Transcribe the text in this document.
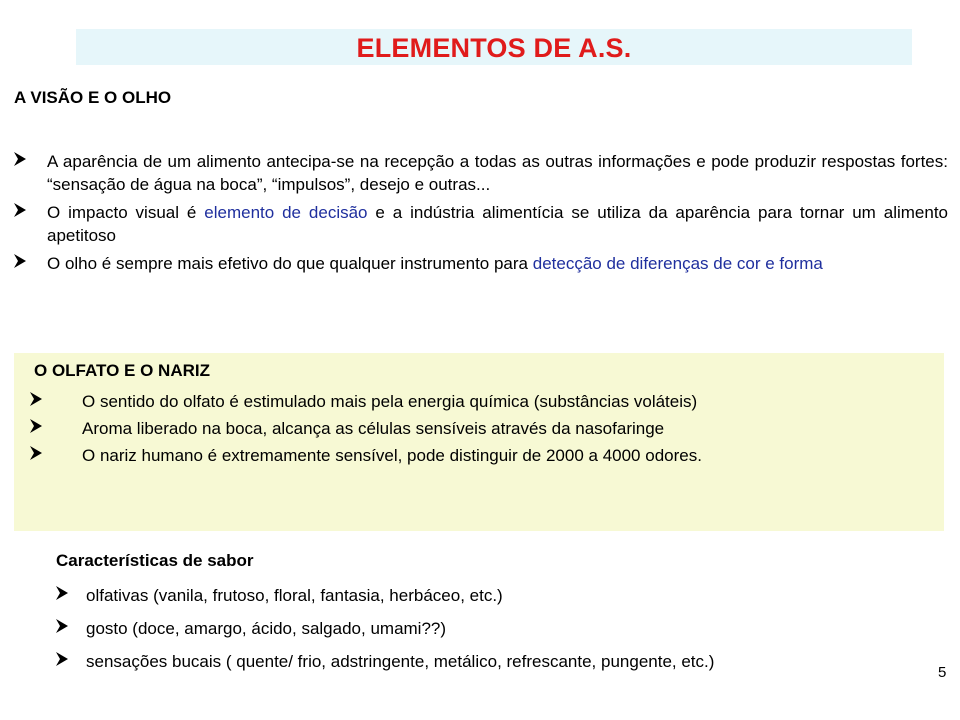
ELEMENTOS DE A.S.
A VISÃO E O OLHO
A aparência de um alimento antecipa-se na recepção a todas as outras informações e pode produzir respostas fortes: “sensação de água na boca”, “impulsos”, desejo e outras...
O impacto visual é elemento de decisão e a indústria alimentícia se utiliza da aparência para tornar um alimento apetitoso
O olho é sempre mais efetivo do que qualquer instrumento para detecção de diferenças de cor e forma
O OLFATO E O NARIZ
O sentido do olfato é estimulado mais pela energia química (substâncias voláteis)
Aroma liberado na boca, alcança as células sensíveis através da nasofaringe
O nariz humano é extremamente sensível, pode distinguir de 2000 a 4000 odores.
Características de sabor
olfativas (vanila, frutoso, floral, fantasia, herbáceo, etc.)
gosto (doce, amargo, ácido, salgado, umami??)
sensações bucais ( quente/ frio, adstringente, metálico, refrescante, pungente, etc.)
5
